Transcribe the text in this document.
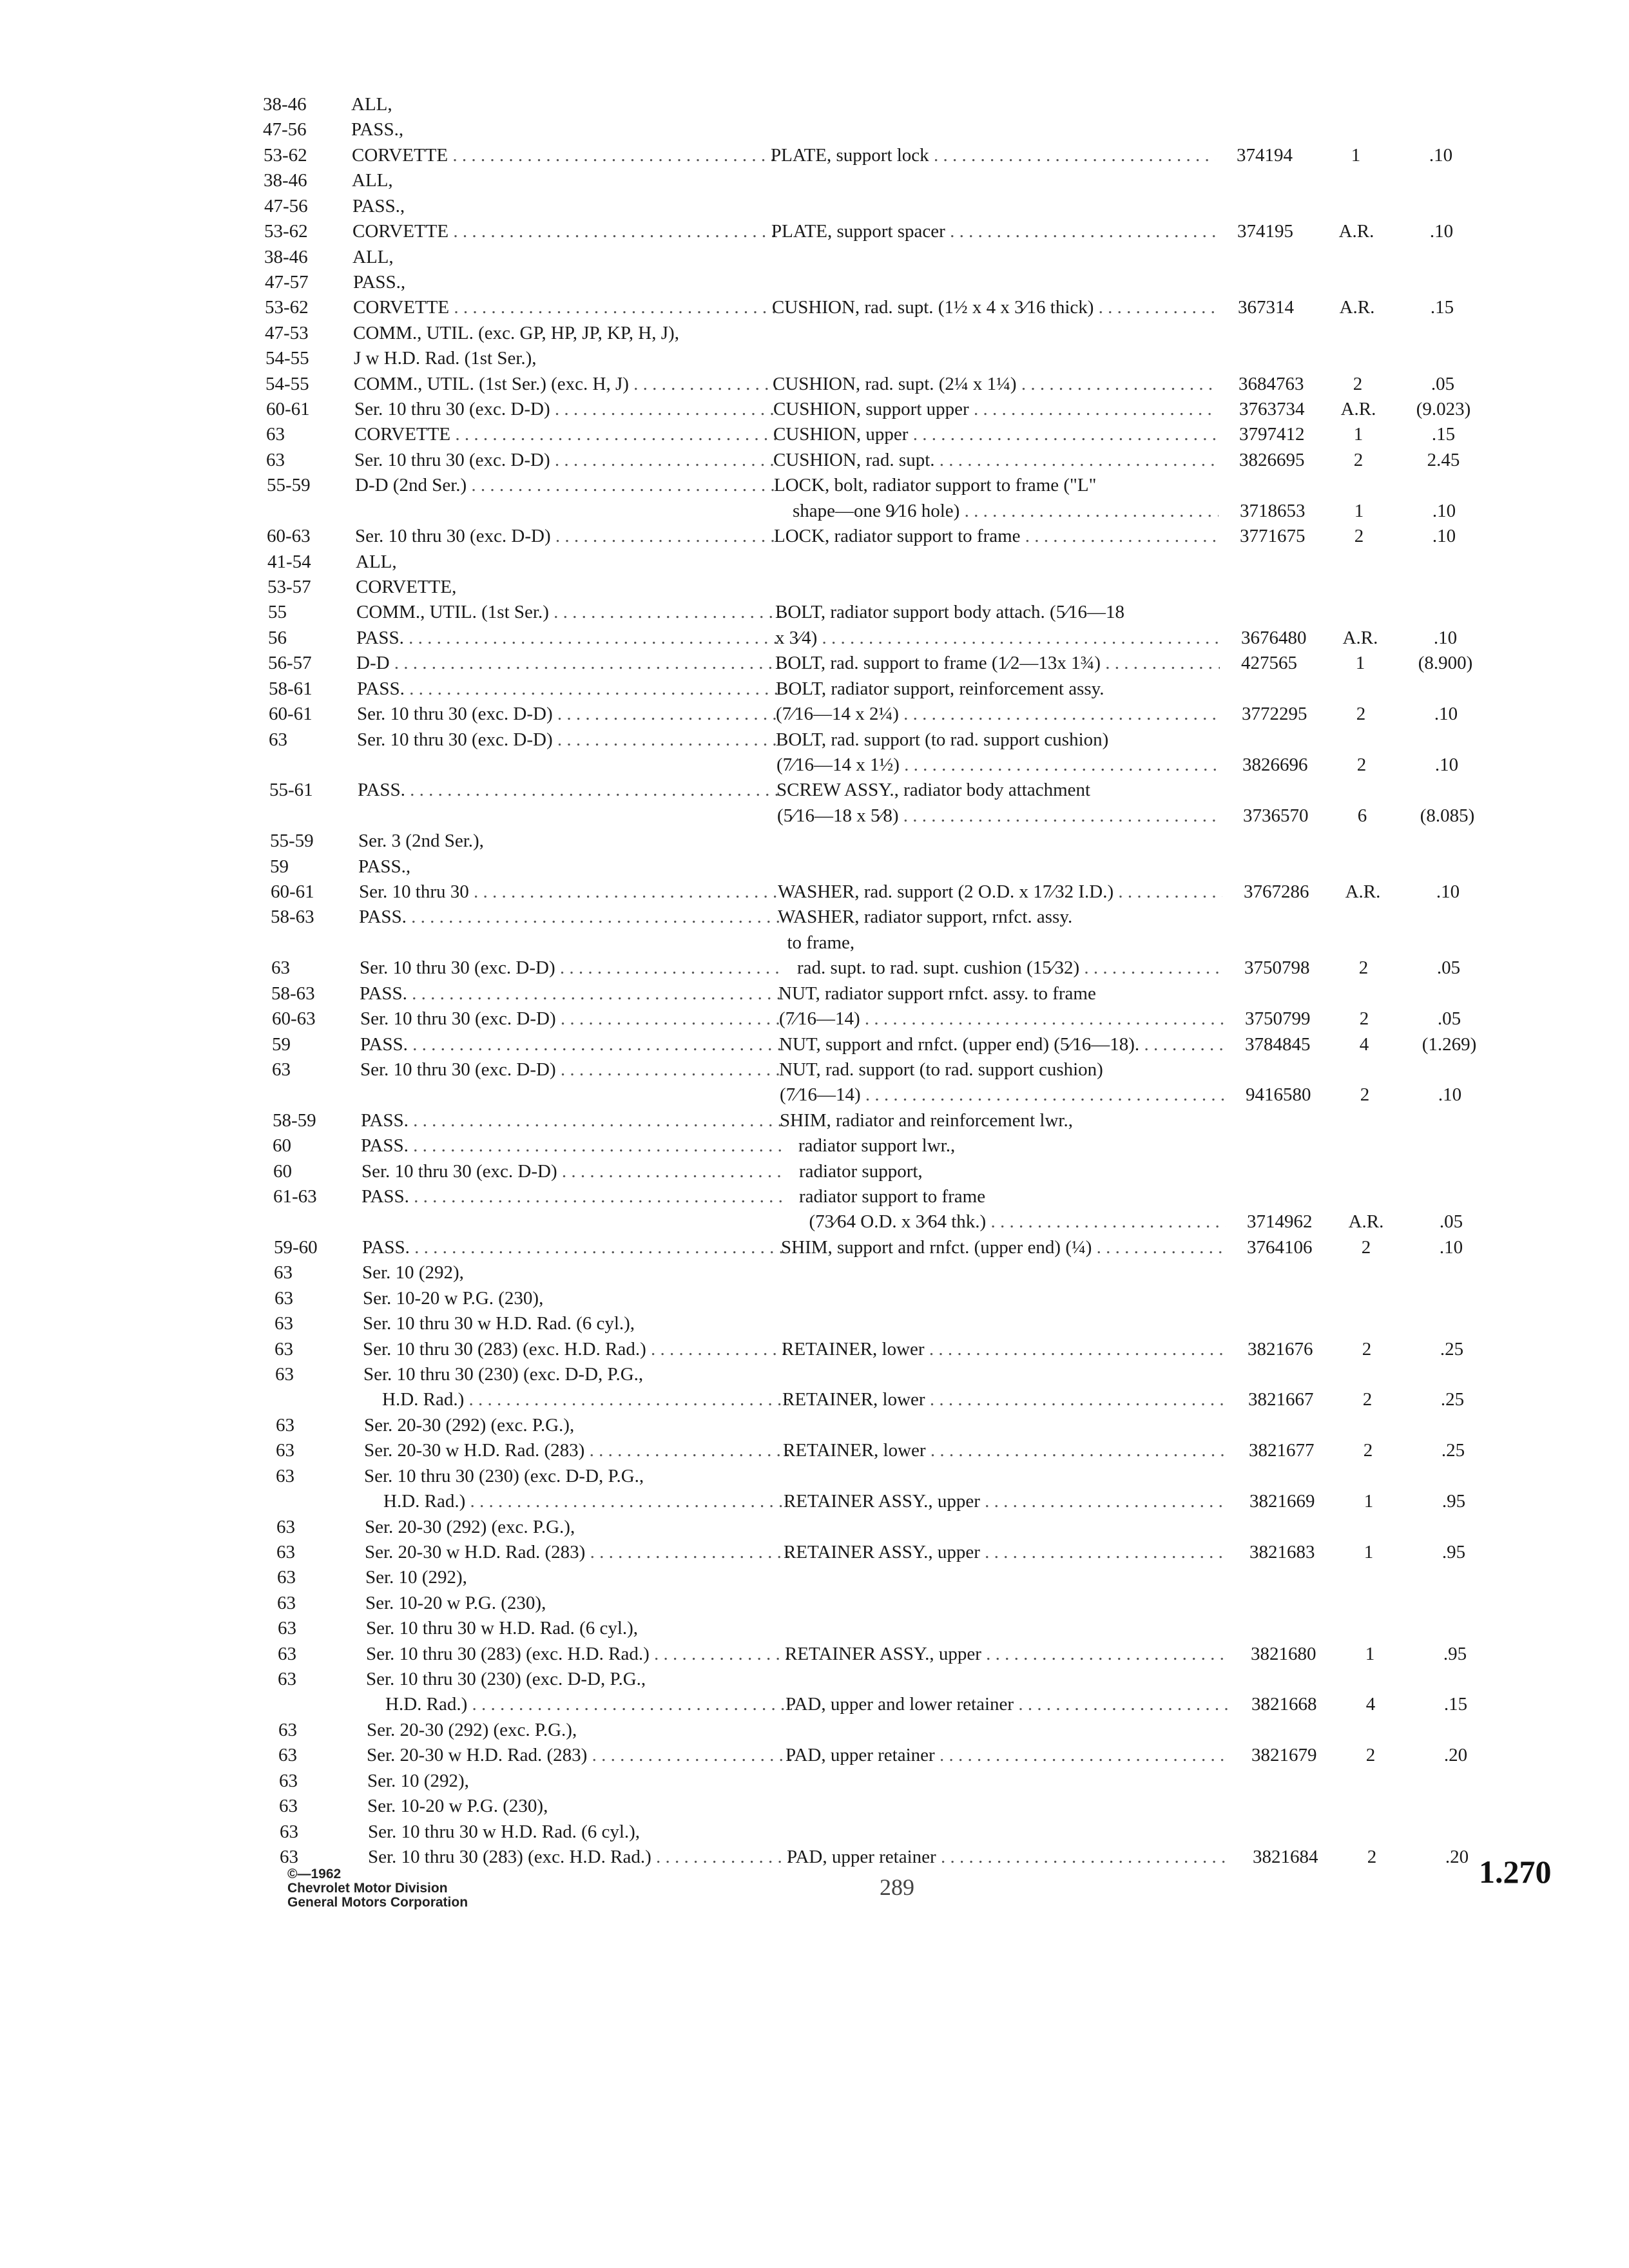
38-46	ALL,
47-56	PASS.,
53-62	CORVETTE . . .	PLATE, support lock . . .	374194	1	.10
38-46	ALL,
47-56	PASS.,
53-62	CORVETTE . . .	PLATE, support spacer . . .	374195	A.R.	.10
38-46	ALL,
47-57	PASS.,
53-62	CORVETTE . . .	CUSHION, rad. supt. (1½ x 4 x 3⁄16 thick) . . .	367314	A.R.	.15
47-53	COMM., UTIL. (exc. GP, HP, JP, KP, H, J),
54-55	J w H.D. Rad. (1st Ser.),
54-55	COMM., UTIL. (1st Ser.) (exc. H, J) . . .	CUSHION, rad. supt. (2¼ x 1¼) . . .	3684763	2	.05
60-61	Ser. 10 thru 30 (exc. D-D) . . .	CUSHION, support upper . . .	3763734	A.R.	(9.023)
63	CORVETTE . . .	CUSHION, upper . . .	3797412	1	.15
63	Ser. 10 thru 30 (exc. D-D) . . .	CUSHION, rad. supt. . . .	3826695	2	2.45
55-59	D-D (2nd Ser.) . . .	LOCK, bolt, radiator support to frame ("L"
shape—one 9⁄16 hole) . . .	3718653	1	.10
60-63	Ser. 10 thru 30 (exc. D-D) . . .	LOCK, radiator support to frame . . .	3771675	2	.10
41-54	ALL,
53-57	CORVETTE,
55	COMM., UTIL. (1st Ser.) . . .	BOLT, radiator support body attach. (5⁄16—18
56	PASS. . . .	x 3⁄4) . . .	3676480	A.R.	.10
56-57	D-D . . .	BOLT, rad. support to frame (1⁄2—13x 1¾) . . .	427565	1	(8.900)
58-61	PASS. . . .	BOLT, radiator support, reinforcement assy.
60-61	Ser. 10 thru 30 (exc. D-D) . . .	(7⁄16—14 x 2¼) . . .	3772295	2	.10
63	Ser. 10 thru 30 (exc. D-D) . . .	BOLT, rad. support (to rad. support cushion)
(7⁄16—14 x 1½) . . .	3826696	2	.10
55-61	PASS. . . .	SCREW ASSY., radiator body attachment
(5⁄16—18 x 5⁄8) . . .	3736570	6	(8.085)
55-59	Ser. 3 (2nd Ser.),
59	PASS.,
60-61	Ser. 10 thru 30 . . .	WASHER, rad. support (2 O.D. x 17⁄32 I.D.) . . .	3767286	A.R.	.10
58-63	PASS. . . .	WASHER, radiator support, rnfct. assy.
to frame,
63	Ser. 10 thru 30 (exc. D-D) . . .	rad. supt. to rad. supt. cushion (15⁄32) . . .	3750798	2	.05
58-63	PASS. . . .	NUT, radiator support rnfct. assy. to frame
60-63	Ser. 10 thru 30 (exc. D-D) . . .	(7⁄16—14) . . .	3750799	2	.05
59	PASS. . . .	NUT, support and rnfct. (upper end) (5⁄16—18). . . .	3784845	4	(1.269)
63	Ser. 10 thru 30 (exc. D-D) . . .	NUT, rad. support (to rad. support cushion)
(7⁄16—14) . . .	9416580	2	.10
58-59	PASS. . . .	SHIM, radiator and reinforcement lwr.,
60	PASS. . . .	radiator support lwr.,
60	Ser. 10 thru 30 (exc. D-D) . . .	radiator support,
61-63	PASS. . . .	radiator support to frame
(73⁄64 O.D. x 3⁄64 thk.) . . .	3714962	A.R.	.05
59-60	PASS. . . .	SHIM, support and rnfct. (upper end) (¼) . . .	3764106	2	.10
63	Ser. 10 (292),
63	Ser. 10-20 w P.G. (230),
63	Ser. 10 thru 30 w H.D. Rad. (6 cyl.),
63	Ser. 10 thru 30 (283) (exc. H.D. Rad.) . . .	RETAINER, lower . . .	3821676	2	.25
63	Ser. 10 thru 30 (230) (exc. D-D, P.G.,
H.D. Rad.) . . .	RETAINER, lower . . .	3821667	2	.25
63	Ser. 20-30 (292) (exc. P.G.),
63	Ser. 20-30 w H.D. Rad. (283) . . .	RETAINER, lower . . .	3821677	2	.25
63	Ser. 10 thru 30 (230) (exc. D-D, P.G.,
H.D. Rad.) . . .	RETAINER ASSY., upper . . .	3821669	1	.95
63	Ser. 20-30 (292) (exc. P.G.),
63	Ser. 20-30 w H.D. Rad. (283) . . .	RETAINER ASSY., upper . . .	3821683	1	.95
63	Ser. 10 (292),
63	Ser. 10-20 w P.G. (230),
63	Ser. 10 thru 30 w H.D. Rad. (6 cyl.),
63	Ser. 10 thru 30 (283) (exc. H.D. Rad.) . . .	RETAINER ASSY., upper . . .	3821680	1	.95
63	Ser. 10 thru 30 (230) (exc. D-D, P.G.,
H.D. Rad.) . . .	PAD, upper and lower retainer . . .	3821668	4	.15
63	Ser. 20-30 (292) (exc. P.G.),
63	Ser. 20-30 w H.D. Rad. (283) . . .	PAD, upper retainer . . .	3821679	2	.20
63	Ser. 10 (292),
63	Ser. 10-20 w P.G. (230),
63	Ser. 10 thru 30 w H.D. Rad. (6 cyl.),
63	Ser. 10 thru 30 (283) (exc. H.D. Rad.) . . .	PAD, upper retainer . . .	3821684	2	.20
©—1962
Chevrolet Motor Division
General Motors Corporation
289	1.270
